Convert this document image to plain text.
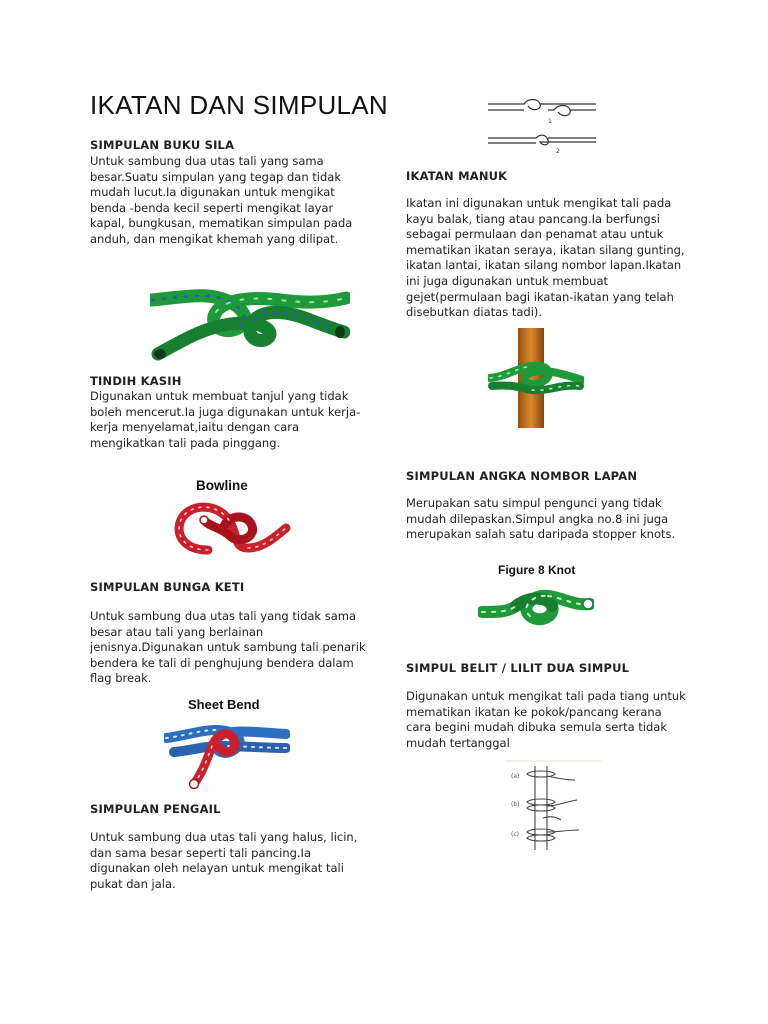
IKATAN DAN SIMPULAN
SIMPULAN BUKU SILA
Untuk sambung dua utas tali yang sama
besar.Suatu simpulan yang tegap dan tidak
mudah lucut.Ia digunakan untuk mengikat
benda -benda kecil seperti mengikat layar
kapal, bungkusan, mematikan simpulan pada
anduh, dan mengikat khemah yang dilipat.
TINDIH KASIH
Digunakan untuk membuat tanjul yang tidak
boleh mencerut.Ia juga digunakan untuk kerja-
kerja menyelamat,iaitu dengan cara
mengikatkan tali pada pinggang.
Bowline
SIMPULAN BUNGA KETI
Untuk sambung dua utas tali yang tidak sama
besar atau tali yang berlainan
jenisnya.Digunakan untuk sambung tali penarik
bendera ke tali di penghujung bendera dalam
flag break.
Sheet Bend
SIMPULAN PENGAIL
Untuk sambung dua utas tali yang halus, licin,
dan sama besar seperti tali pancing.Ia
digunakan oleh nelayan untuk mengikat tali
pukat dan jala.
1
2
IKATAN MANUK
Ikatan ini digunakan untuk mengikat tali pada
kayu balak, tiang atau pancang.Ia berfungsi
sebagai permulaan dan penamat atau untuk
mematikan ikatan seraya, ikatan silang gunting,
ikatan lantai, ikatan silang nombor lapan.Ikatan
ini juga digunakan untuk membuat
gejet(permulaan bagi ikatan-ikatan yang telah
disebutkan diatas tadi).
SIMPULAN ANGKA NOMBOR LAPAN
Merupakan satu simpul pengunci yang tidak
mudah dilepaskan.Simpul angka no.8 ini juga
merupakan salah satu daripada stopper knots.
Figure 8 Knot
SIMPUL BELIT / LILIT DUA SIMPUL
Digunakan untuk mengikat tali pada tiang untuk
mematikan ikatan ke pokok/pancang kerana
cara begini mudah dibuka semula serta tidak
mudah tertanggal
(a)
(b)
(c)
